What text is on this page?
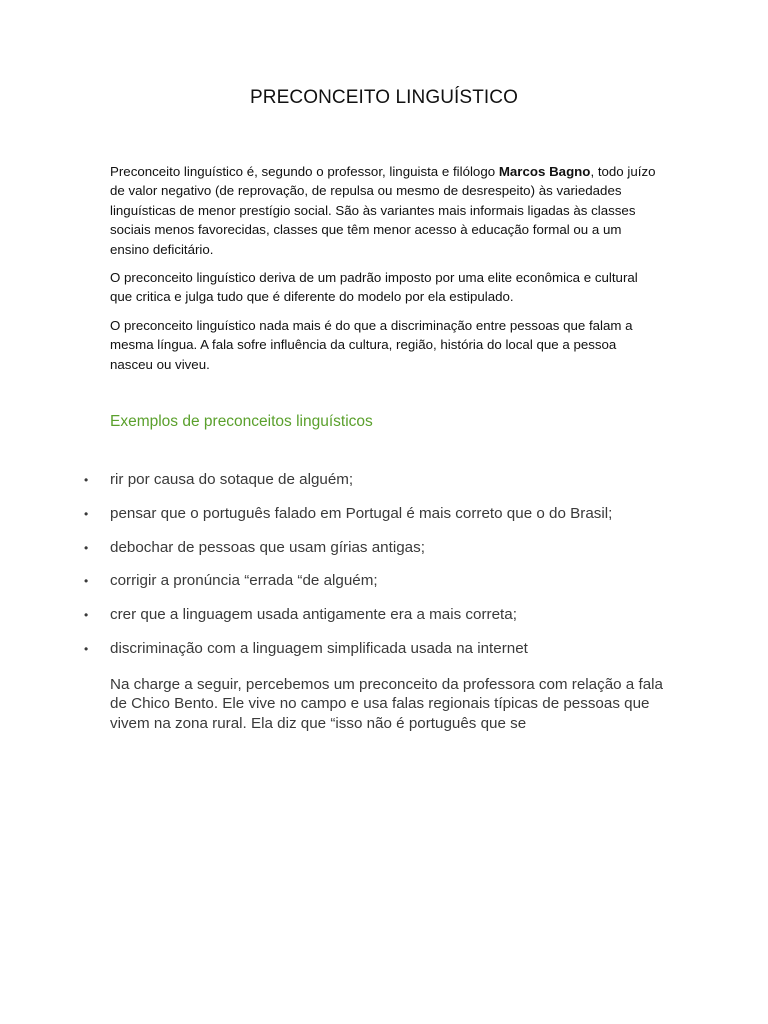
PRECONCEITO LINGUÍSTICO

Preconceito linguístico é, segundo o professor, linguista e filólogo Marcos Bagno, todo juízo de valor negativo (de reprovação, de repulsa ou mesmo de desrespeito) às variedades linguísticas de menor prestígio social. São às variantes mais informais ligadas às classes sociais menos favorecidas, classes que têm menor acesso à educação formal ou a um ensino deficitário.

O preconceito linguístico deriva de um padrão imposto por uma elite econômica e cultural que critica e julga tudo que é diferente do modelo por ela estipulado.

O preconceito linguístico nada mais é do que a discriminação entre pessoas que falam a mesma língua. A fala sofre influência da cultura, região, história do local que a pessoa nasceu ou viveu.

Exemplos de preconceitos linguísticos
• rir por causa do sotaque de alguém;
• pensar que o português falado em Portugal é mais correto que o do Brasil;
• debochar de pessoas que usam gírias antigas;
• corrigir a pronúncia “errada “de alguém;
• crer que a linguagem usada antigamente era a mais correta;
• discriminação com a linguagem simplificada usada na internet

Na charge a seguir, percebemos um preconceito da professora com relação a fala de Chico Bento. Ele vive no campo e usa falas regionais típicas de pessoas que vivem na zona rural. Ela diz que “isso não é português que se
